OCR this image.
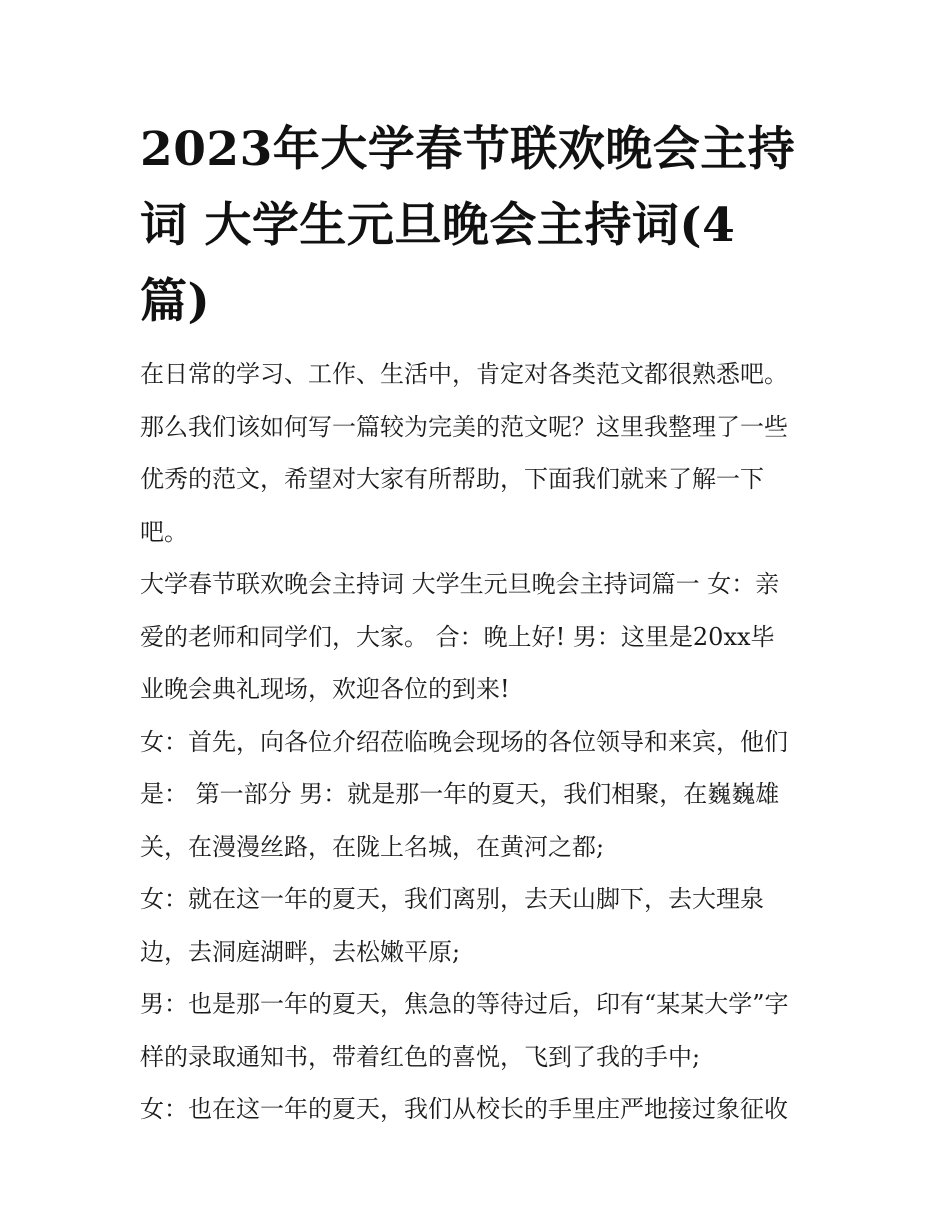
2023年大学春节联欢晚会主持
词 大学生元旦晚会主持词(4
篇)
在日常的学习、工作、生活中，肯定对各类范文都很熟悉吧。
那么我们该如何写一篇较为完美的范文呢？这里我整理了一些
优秀的范文，希望对大家有所帮助，下面我们就来了解一下
吧。
大学春节联欢晚会主持词 大学生元旦晚会主持词篇一 女：亲
爱的老师和同学们，大家。 合：晚上好! 男：这里是20xx毕
业晚会典礼现场，欢迎各位的到来!
女：首先，向各位介绍莅临晚会现场的各位领导和来宾，他们
是： 第一部分 男：就是那一年的夏天，我们相聚，在巍巍雄
关，在漫漫丝路，在陇上名城，在黄河之都;
女：就在这一年的夏天，我们离别，去天山脚下，去大理泉
边，去洞庭湖畔，去松嫩平原;
男：也是那一年的夏天，焦急的等待过后，印有“某某大学”字
样的录取通知书，带着红色的喜悦，飞到了我的手中;
女：也在这一年的夏天，我们从校长的手里庄严地接过象征收
